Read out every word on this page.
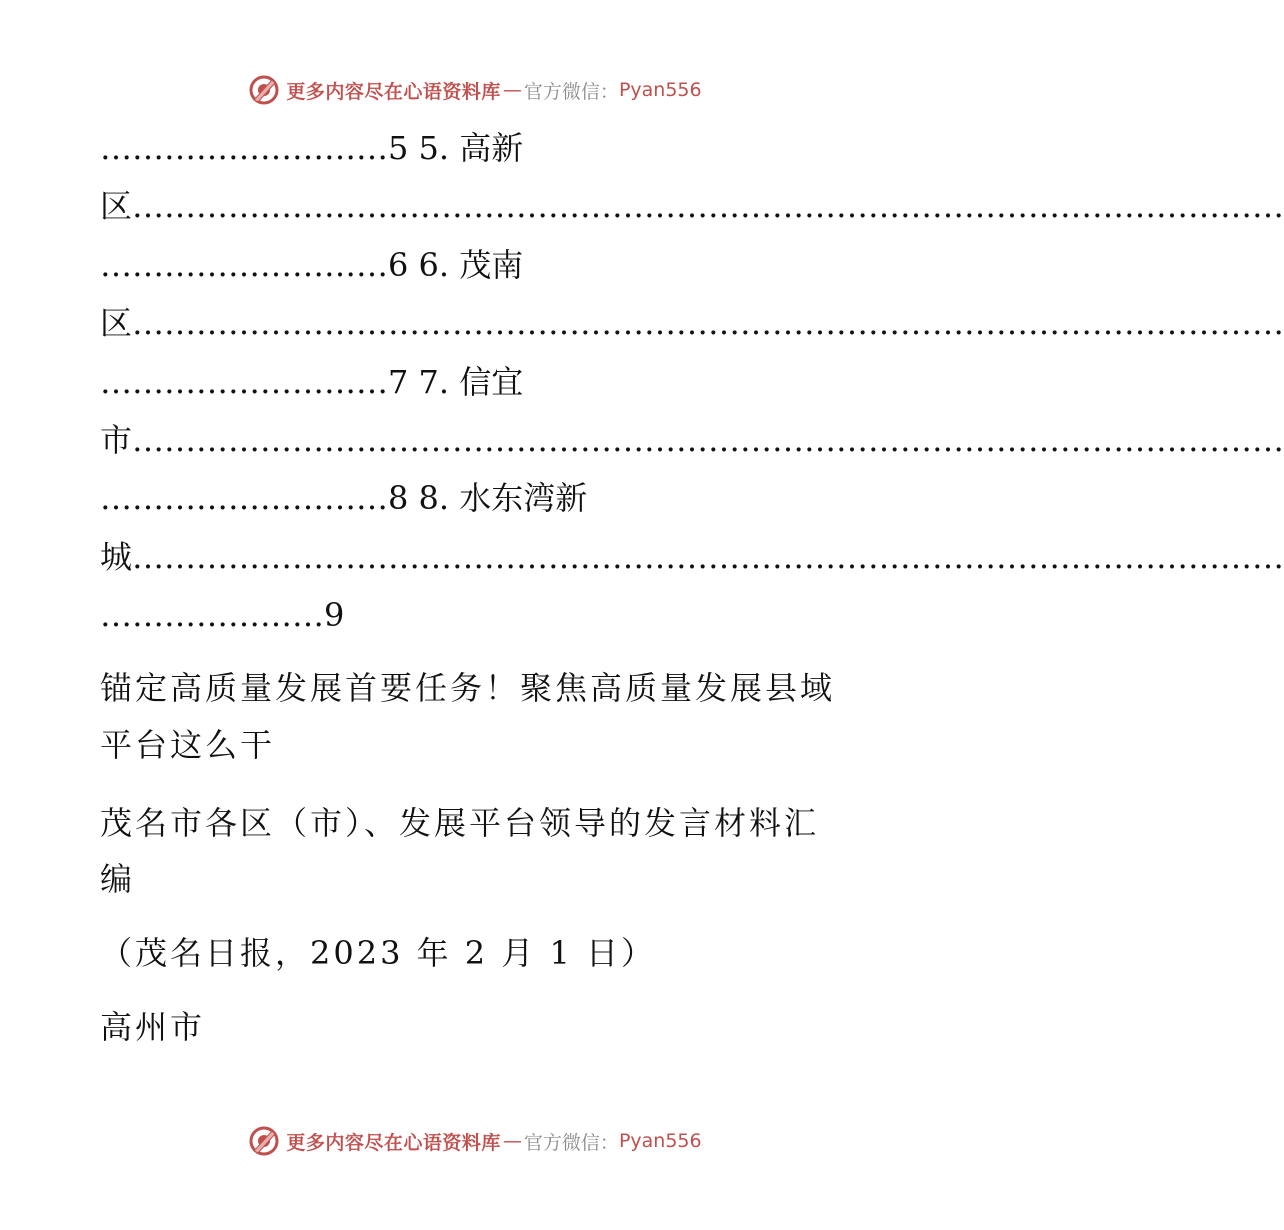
更多内容尽在心语资料库 — 官方微信： Pyan556
………………………5 5. 高新
区………………………………………………………………………………………………
………………………6 6. 茂南
区………………………………………………………………………………………………
………………………7 7. 信宜
市………………………………………………………………………………………………
………………………8 8. 水东湾新
城………………………………………………………………………………………………
…………………9
锚定高质量发展首要任务！聚焦高质量发展县域
平台这么干
茂名市各区（市）、发展平台领导的发言材料汇
编
（茂名日报，2023 年 2 月 1 日）
高州市
更多内容尽在心语资料库 — 官方微信： Pyan556
